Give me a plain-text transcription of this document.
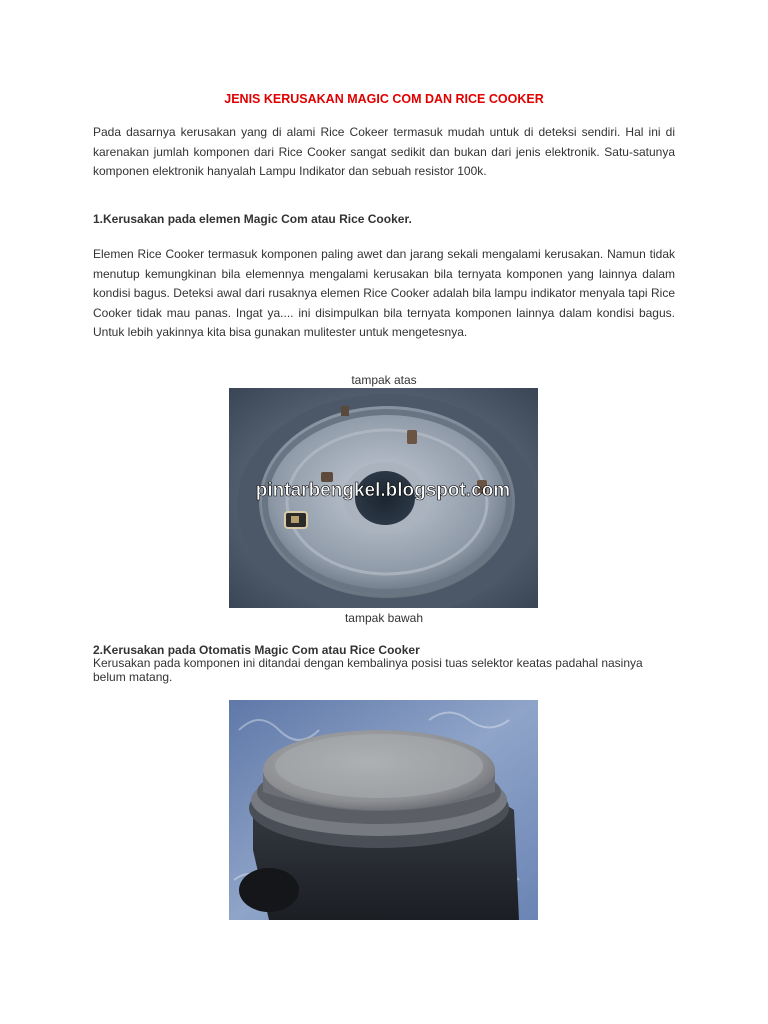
JENIS KERUSAKAN MAGIC COM DAN RICE COOKER

Pada dasarnya kerusakan yang di alami Rice Cokeer termasuk mudah untuk di deteksi sendiri. Hal ini di karenakan jumlah komponen dari Rice Cooker sangat sedikit dan bukan dari jenis elektronik. Satu-satunya komponen elektronik hanyalah Lampu Indikator dan sebuah resistor 100k.

1.Kerusakan pada elemen Magic Com atau Rice Cooker.

Elemen Rice Cooker termasuk komponen paling awet dan jarang sekali mengalami kerusakan. Namun tidak menutup kemungkinan bila elemennya mengalami kerusakan bila ternyata komponen yang lainnya dalam kondisi bagus. Deteksi awal dari rusaknya elemen Rice Cooker adalah bila lampu indikator menyala tapi Rice Cooker tidak mau panas. Ingat ya.... ini disimpulkan bila ternyata komponen lainnya dalam kondisi bagus. Untuk lebih yakinnya kita bisa gunakan mulitester untuk mengetesnya.

tampak atas
pintarbengkel.blogspot.com
tampak bawah
2.Kerusakan pada Otomatis Magic Com atau Rice Cooker

Kerusakan pada komponen ini ditandai dengan kembalinya posisi tuas selektor keatas padahal nasinya belum matang.
